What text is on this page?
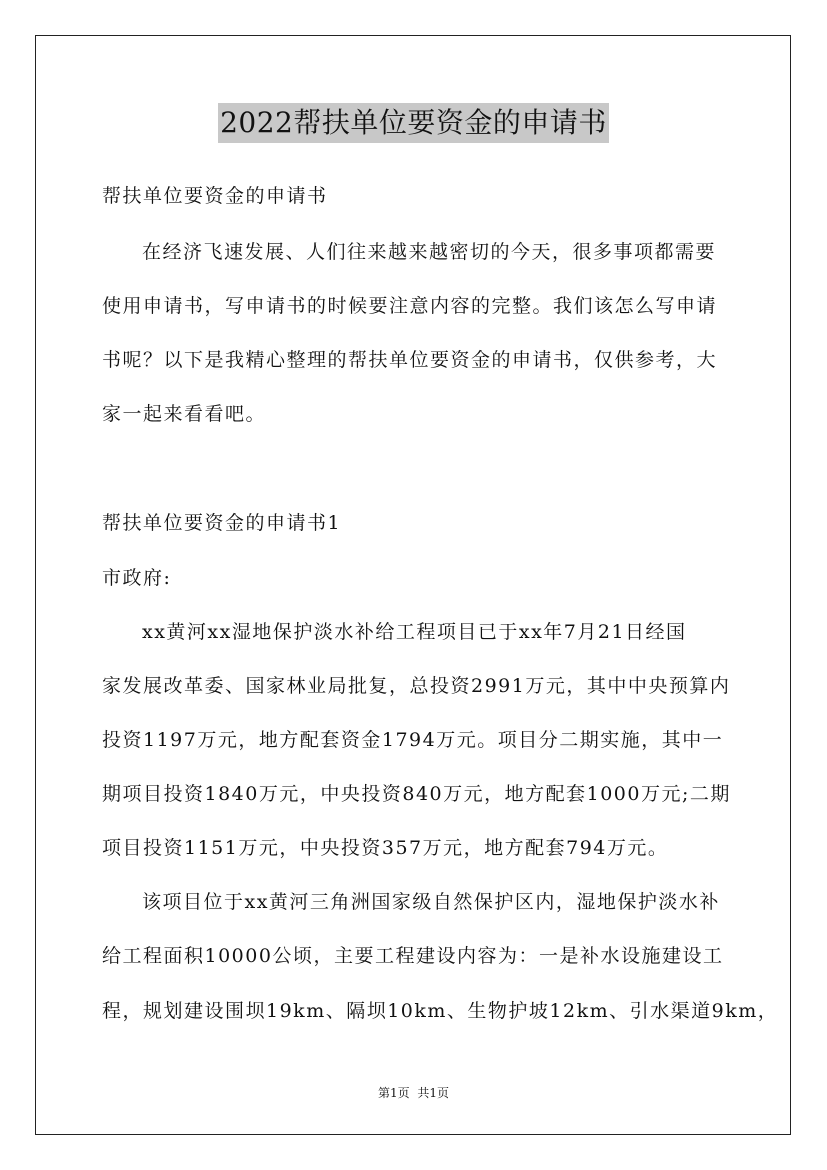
2022帮扶单位要资金的申请书
帮扶单位要资金的申请书
在经济飞速发展、人们往来越来越密切的今天，很多事项都需要
使用申请书，写申请书的时候要注意内容的完整。我们该怎么写申请
书呢？以下是我精心整理的帮扶单位要资金的申请书，仅供参考，大
家一起来看看吧。
帮扶单位要资金的申请书1
市政府:
xx黄河xx湿地保护淡水补给工程项目已于xx年7月21日经国
家发展改革委、国家林业局批复，总投资2991万元，其中中央预算内
投资1197万元，地方配套资金1794万元。项目分二期实施，其中一
期项目投资1840万元，中央投资840万元，地方配套1000万元;二期
项目投资1151万元，中央投资357万元，地方配套794万元。
该项目位于xx黄河三角洲国家级自然保护区内，湿地保护淡水补
给工程面积10000公顷，主要工程建设内容为：一是补水设施建设工
程，规划建设围坝19km、隔坝10km、生物护坡12km、引水渠道9km，
第1页 共1页
